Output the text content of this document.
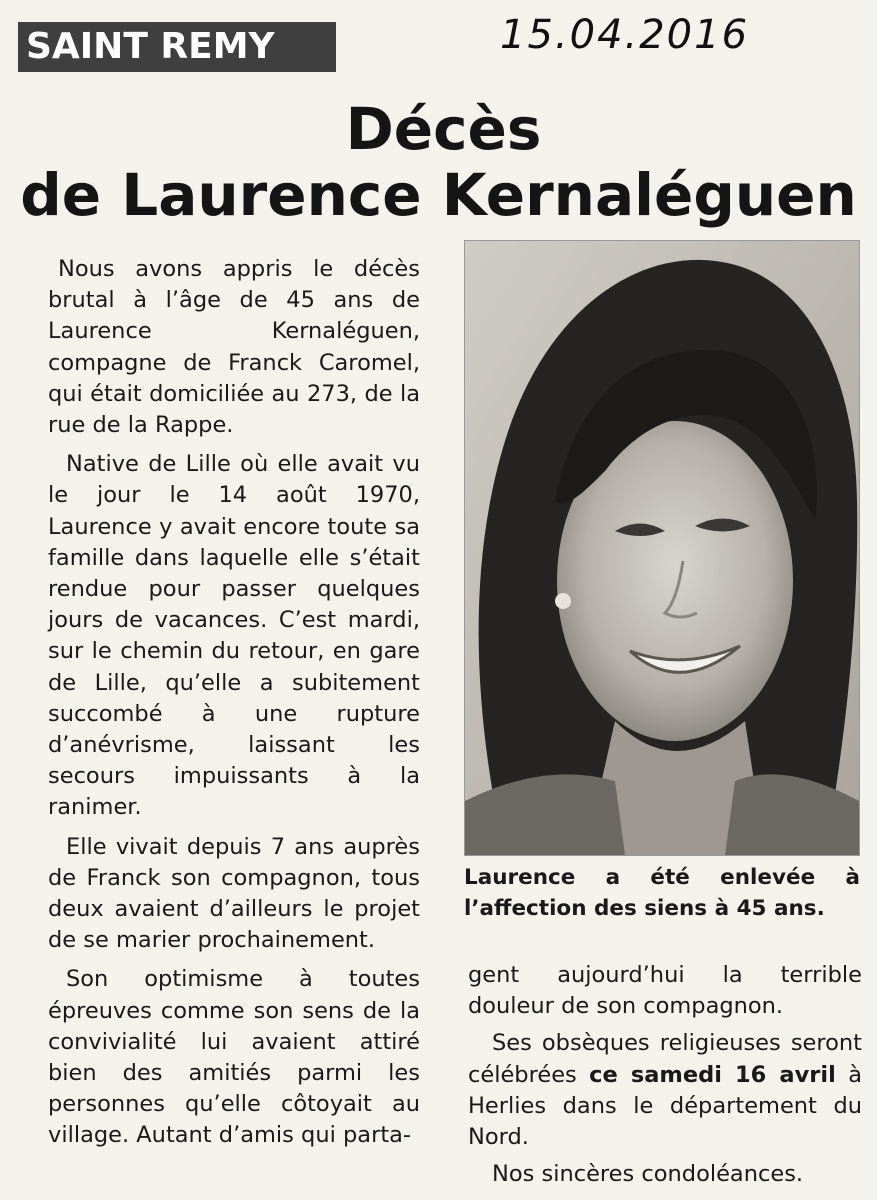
SAINT REMY	15.04.2016
Décès
de Laurence Kernaléguen

Nous avons appris le décès brutal à l’âge de 45 ans de Laurence Kernaléguen, compagne de Franck Caromel, qui était domiciliée au 273, de la rue de la Rappe.

Native de Lille où elle avait vu le jour le 14 août 1970, Laurence y avait encore toute sa famille dans laquelle elle s’était rendue pour passer quelques jours de vacances. C’est mardi, sur le chemin du retour, en gare de Lille, qu’elle a subitement succombé à une rupture d’anévrisme, laissant les secours impuissants à la ranimer.

Elle vivait depuis 7 ans auprès de Franck son compagnon, tous deux avaient d’ailleurs le projet de se marier prochainement.

Son optimisme à toutes épreuves comme son sens de la convivialité lui avaient attiré bien des amitiés parmi les personnes qu’elle côtoyait au village. Autant d’amis qui parta-

Laurence a été enlevée à
l’affection des siens à 45 ans.

gent aujourd’hui la terrible douleur de son compagnon.

Ses obsèques religieuses seront célébrées ce samedi 16 avril à Herlies dans le département du Nord.

Nos sincères condoléances.
